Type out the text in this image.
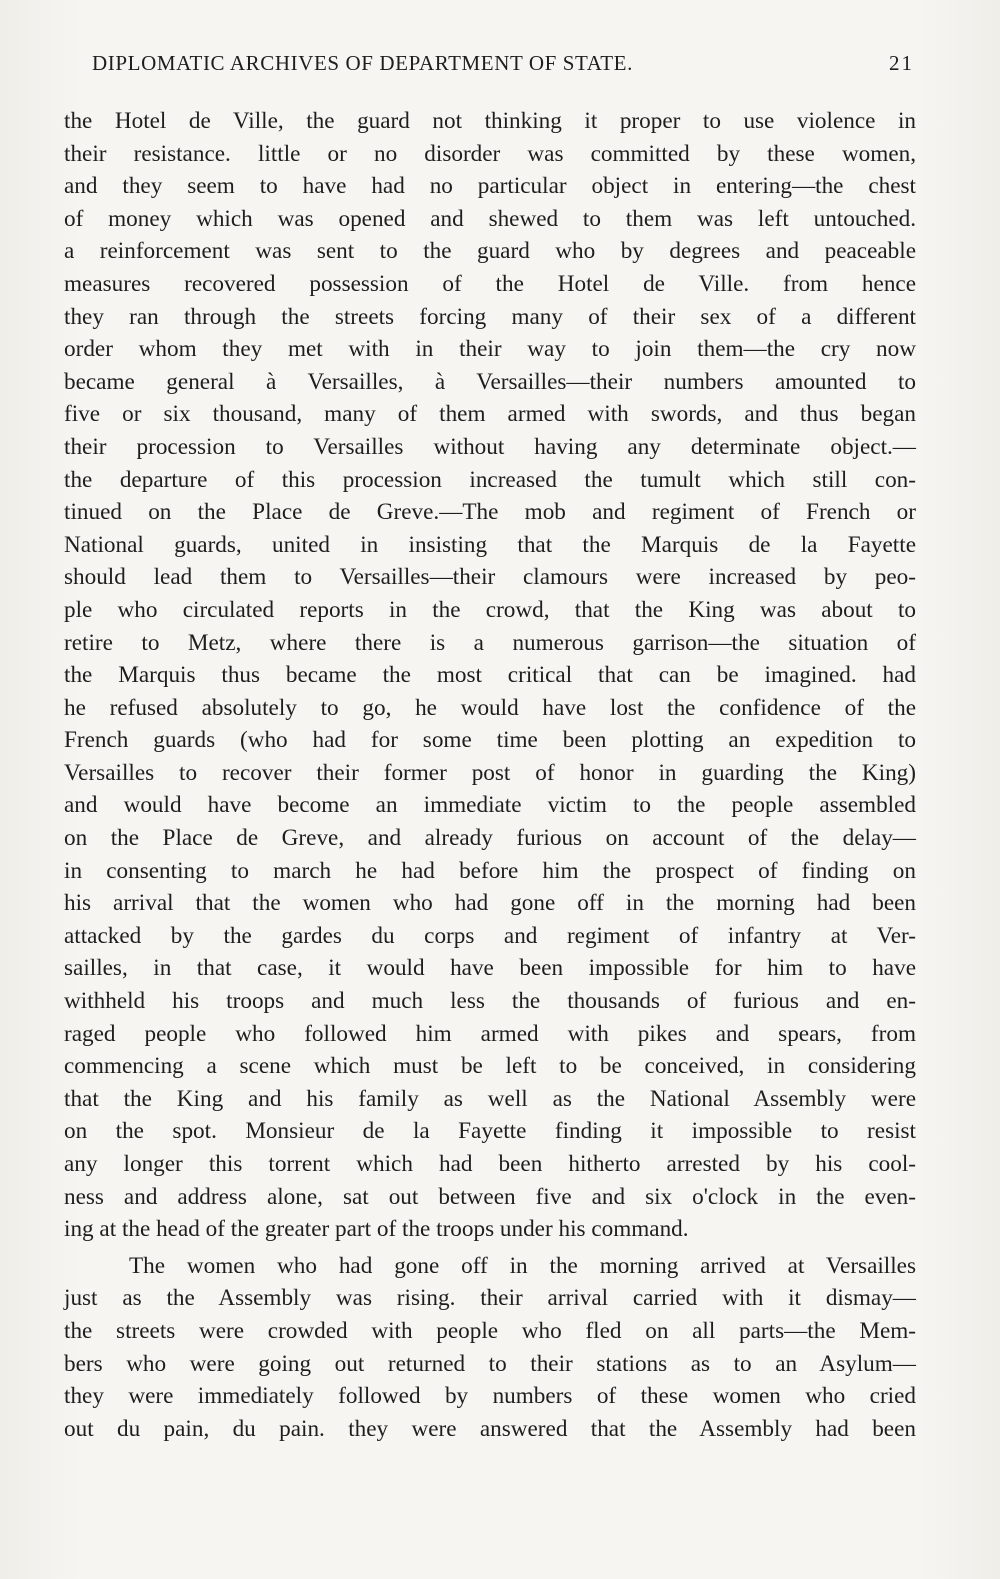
DIPLOMATIC ARCHIVES OF DEPARTMENT OF STATE.	21
the Hotel de Ville, the guard not thinking it proper to use violence in
their resistance. little or no disorder was committed by these women,
and they seem to have had no particular object in entering—the chest
of money which was opened and shewed to them was left untouched.
a reinforcement was sent to the guard who by degrees and peaceable
measures recovered possession of the Hotel de Ville. from hence
they ran through the streets forcing many of their sex of a different
order whom they met with in their way to join them—the cry now
became general à Versailles, à Versailles—their numbers amounted to
five or six thousand, many of them armed with swords, and thus began
their procession to Versailles without having any determinate object.—
the departure of this procession increased the tumult which still con-
tinued on the Place de Greve.—The mob and regiment of French or
National guards, united in insisting that the Marquis de la Fayette
should lead them to Versailles—their clamours were increased by peo-
ple who circulated reports in the crowd, that the King was about to
retire to Metz, where there is a numerous garrison—the situation of
the Marquis thus became the most critical that can be imagined. had
he refused absolutely to go, he would have lost the confidence of the
French guards (who had for some time been plotting an expedition to
Versailles to recover their former post of honor in guarding the King)
and would have become an immediate victim to the people assembled
on the Place de Greve, and already furious on account of the delay—
in consenting to march he had before him the prospect of finding on
his arrival that the women who had gone off in the morning had been
attacked by the gardes du corps and regiment of infantry at Ver-
sailles, in that case, it would have been impossible for him to have
withheld his troops and much less the thousands of furious and en-
raged people who followed him armed with pikes and spears, from
commencing a scene which must be left to be conceived, in considering
that the King and his family as well as the National Assembly were
on the spot. Monsieur de la Fayette finding it impossible to resist
any longer this torrent which had been hitherto arrested by his cool-
ness and address alone, sat out between five and six o'clock in the even-
ing at the head of the greater part of the troops under his command.
The women who had gone off in the morning arrived at Versailles
just as the Assembly was rising. their arrival carried with it dismay—
the streets were crowded with people who fled on all parts—the Mem-
bers who were going out returned to their stations as to an Asylum—
they were immediately followed by numbers of these women who cried
out du pain, du pain. they were answered that the Assembly had been
